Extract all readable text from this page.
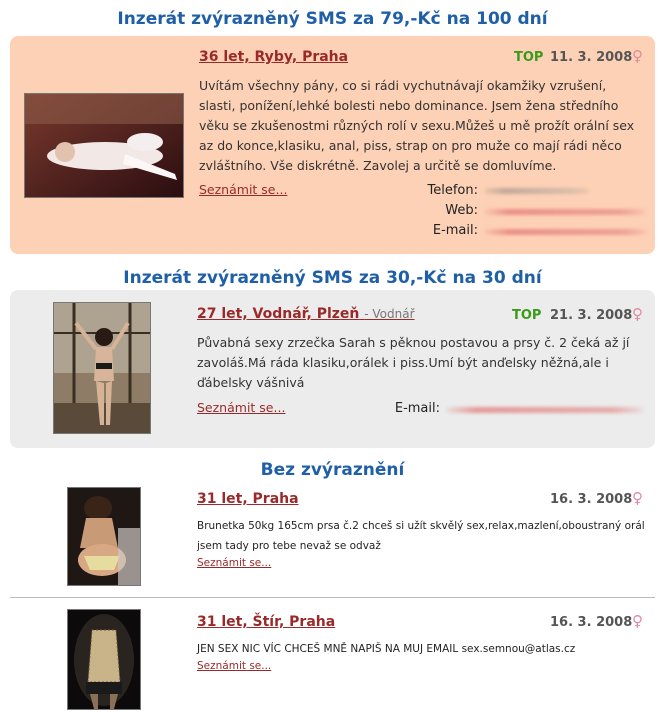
Inzerát zvýrazněný SMS za 79,-Kč na 100 dní
36 let, Ryby, Praha	TOP 11. 3. 2008 ♀
Uvítám všechny pány, co si rádi vychutnávají okamžiky vzrušení, slasti, ponížení,lehké bolesti nebo dominance. Jsem žena středního věku se zkušenostmi různých rolí v sexu.Můžeš u mě prožít orální sex az do konce,klasiku, anal, piss, strap on pro muže co mají rádi něco zvláštního. Vše diskrétně. Zavolej a určitě se domluvíme.
Seznámit se...	Telefon:
Web:
E-mail:
Inzerát zvýrazněný SMS za 30,-Kč na 30 dní
27 let, Vodnář, Plzeň - Vodnář	TOP 21. 3. 2008 ♀
Půvabná sexy zrzečka Sarah s pěknou postavou a prsy č. 2 čeká až jí zavoláš.Má ráda klasiku,orálek i piss.Umí být anďelsky něžná,ale i ďábelsky vášnivá
Seznámit se...	E-mail:
Bez zvýraznění
31 let, Praha	16. 3. 2008 ♀
Brunetka 50kg 165cm prsa č.2 chceš si užít skvělý sex,relax,mazlení,oboustraný orál jsem tady pro tebe nevaž se odvaž
Seznámit se...
31 let, Štír, Praha	16. 3. 2008 ♀
JEN SEX NIC VÍC CHCEŠ MNĚ NAPIŠ NA MUJ EMAIL sex.semnou@atlas.cz
Seznámit se...
